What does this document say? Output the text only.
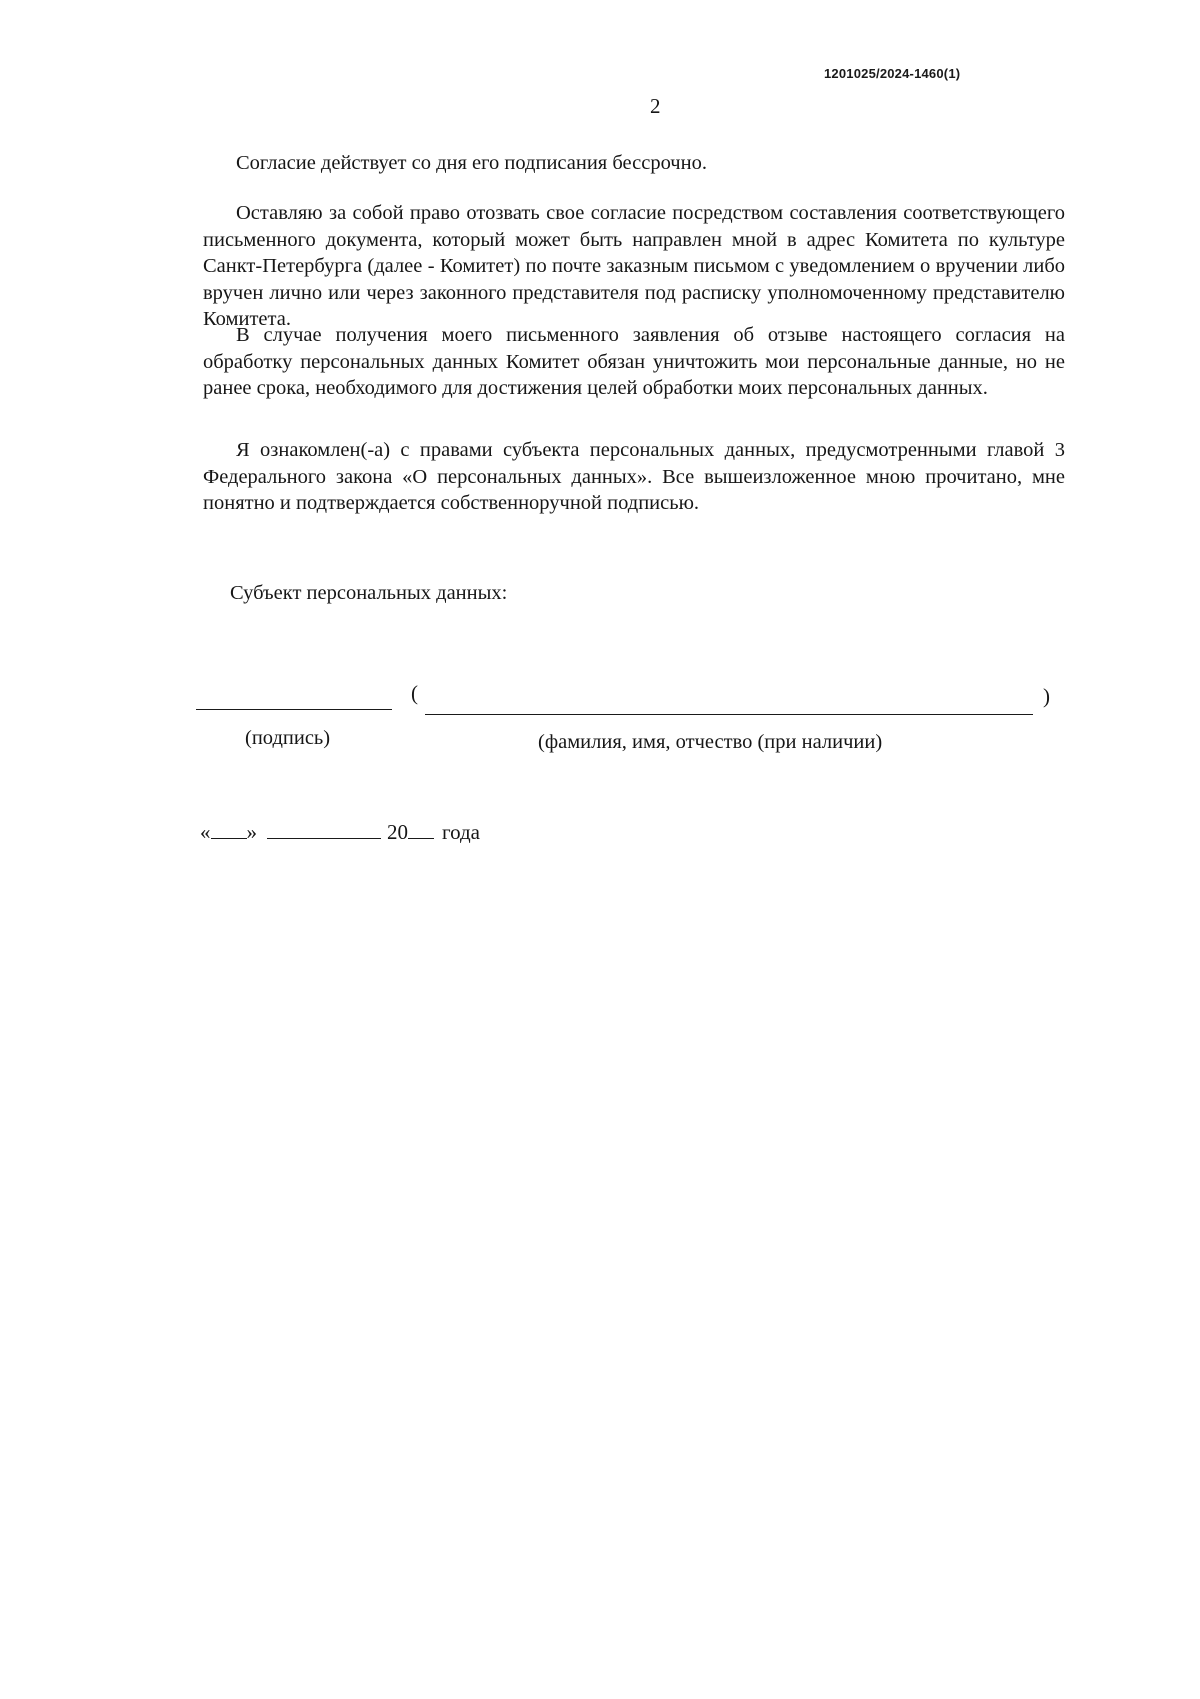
1201025/2024-1460(1)
2

Согласие действует со дня его подписания бессрочно.

Оставляю за собой право отозвать свое согласие посредством составления соответствующего письменного документа, который может быть направлен мной в адрес Комитета по культуре Санкт-Петербурга (далее - Комитет) по почте заказным письмом с уведомлением о вручении либо вручен лично или через законного представителя под расписку уполномоченному представителю Комитета.

В случае получения моего письменного заявления об отзыве настоящего согласия на обработку персональных данных Комитет обязан уничтожить мои персональные данные, но не ранее срока, необходимого для достижения целей обработки моих персональных данных.

Я ознакомлен(-а) с правами субъекта персональных данных, предусмотренными главой 3 Федерального закона «О персональных данных». Все вышеизложенное мною прочитано, мне понятно и подтверждается собственноручной подписью.

Субъект персональных данных:
(	)
(подпись)	(фамилия, имя, отчество (при наличии)
« »	20 года
